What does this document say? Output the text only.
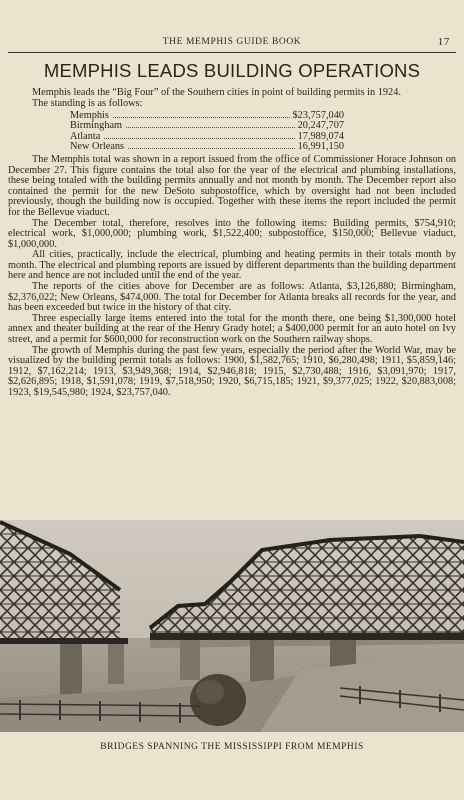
THE MEMPHIS GUIDE BOOK	17
MEMPHIS LEADS BUILDING OPERATIONS

Memphis leads the “Big Four” of the Southern cities in point of building permits in 1924.

The standing is as follows:

Memphis	$23,757,040
Birmingham	20,247,707
Atlanta	17,989,074
New Orleans	16,991,150

The Memphis total was shown in a report issued from the office of Commissioner Horace Johnson on December 27. This figure contains the total also for the year of the electrical and plumbing installations, these being totaled with the building permits annually and not month by month. The December report also contained the permit for the new DeSoto subpostoffice, which by oversight had not been included previously, though the building now is occupied. Together with these items the report included the permit for the Bellevue viaduct.

The December total, therefore, resolves into the following items: Building permits, $754,910; electrical work, $1,000,000; plumbing work, $1,522,400; subpostoffice, $150,000; Bellevue viaduct, $1,000,000.

All cities, practically, include the electrical, plumbing and heating permits in their totals month by month. The electrical and plumbing reports are issued by different departments than the building department here and hence are not included until the end of the year.

The reports of the cities above for December are as follows: Atlanta, $3,126,880; Birmingham, $2,376,022; New Orleans, $474,000. The total for December for Atlanta breaks all records for the year, and has been exceeded but twice in the history of that city.

Three especially large items entered into the total for the month there, one being $1,300,000 hotel annex and theater building at the rear of the Henry Grady hotel; a $400,000 permit for an auto hotel on Ivy street, and a permit for $600,000 for reconstruction work on the Southern railway shops.

The growth of Memphis during the past few years, especially the period after the World War, may be visualized by the building permit totals as follows: 1900, $1,582,765; 1910, $6,280,498; 1911, $5,859,146; 1912, $7,162,214; 1913, $3,949,368; 1914, $2,946,818; 1915, $2,730,488; 1916, $3,091,970; 1917, $2,626,895; 1918, $1,591,078; 1919, $7,518,950; 1920, $6,715,185; 1921, $9,377,025; 1922, $20,883,008; 1923, $19,545,980; 1924, $23,757,040.

BRIDGES SPANNING THE MISSISSIPPI FROM MEMPHIS
